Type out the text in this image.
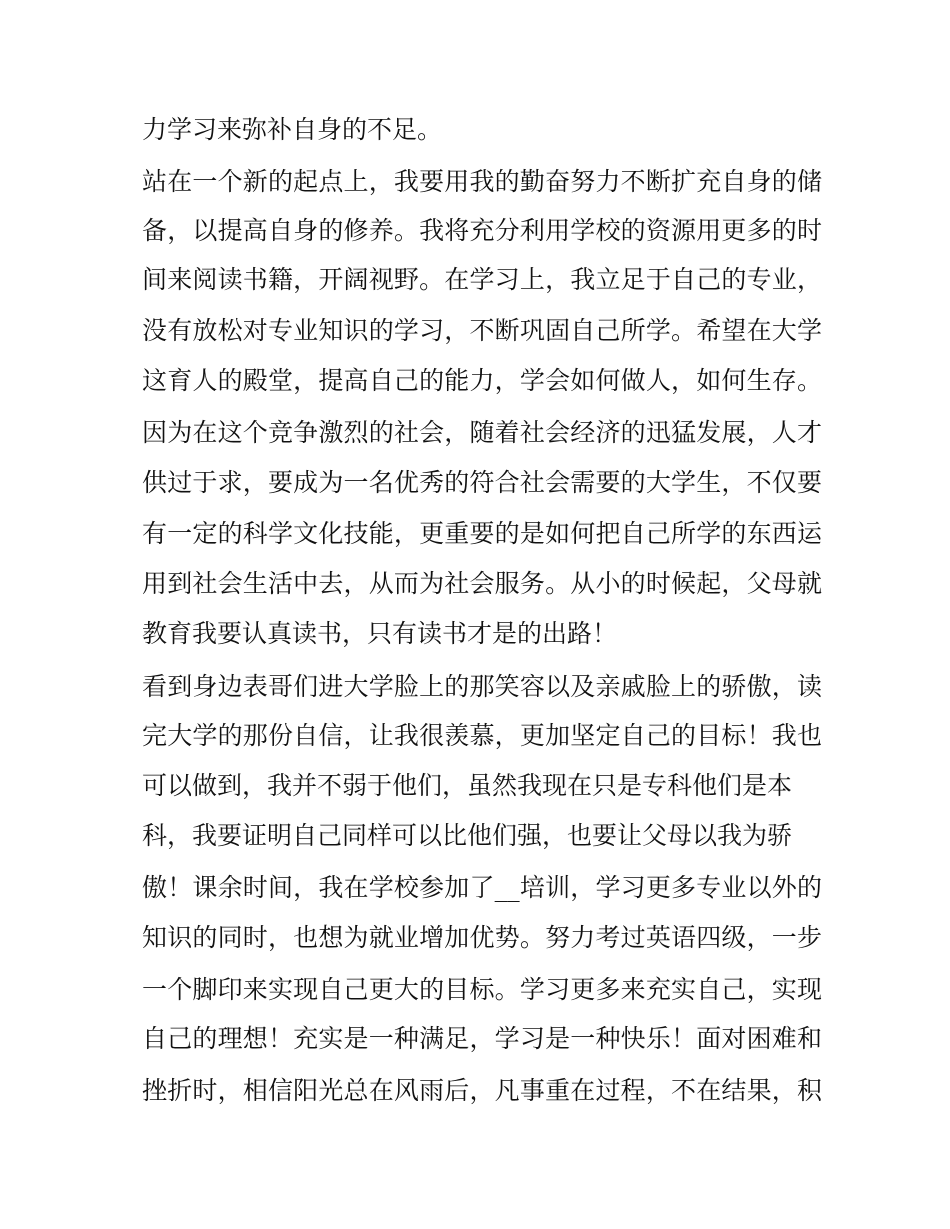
力学习来弥补自身的不足。
站在一个新的起点上，我要用我的勤奋努力不断扩充自身的储
备，以提高自身的修养。我将充分利用学校的资源用更多的时
间来阅读书籍，开阔视野。在学习上，我立足于自己的专业，
没有放松对专业知识的学习，不断巩固自己所学。希望在大学
这育人的殿堂，提高自己的能力，学会如何做人，如何生存。
因为在这个竞争激烈的社会，随着社会经济的迅猛发展，人才
供过于求，要成为一名优秀的符合社会需要的大学生，不仅要
有一定的科学文化技能，更重要的是如何把自己所学的东西运
用到社会生活中去，从而为社会服务。从小的时候起，父母就
教育我要认真读书，只有读书才是的出路！
看到身边表哥们进大学脸上的那笑容以及亲戚脸上的骄傲，读
完大学的那份自信，让我很羡慕，更加坚定自己的目标！我也
可以做到，我并不弱于他们，虽然我现在只是专科他们是本
科，我要证明自己同样可以比他们强，也要让父母以我为骄
傲！课余时间，我在学校参加了__培训，学习更多专业以外的
知识的同时，也想为就业增加优势。努力考过英语四级，一步
一个脚印来实现自己更大的目标。学习更多来充实自己，实现
自己的理想！充实是一种满足，学习是一种快乐！面对困难和
挫折时，相信阳光总在风雨后，凡事重在过程，不在结果，积
